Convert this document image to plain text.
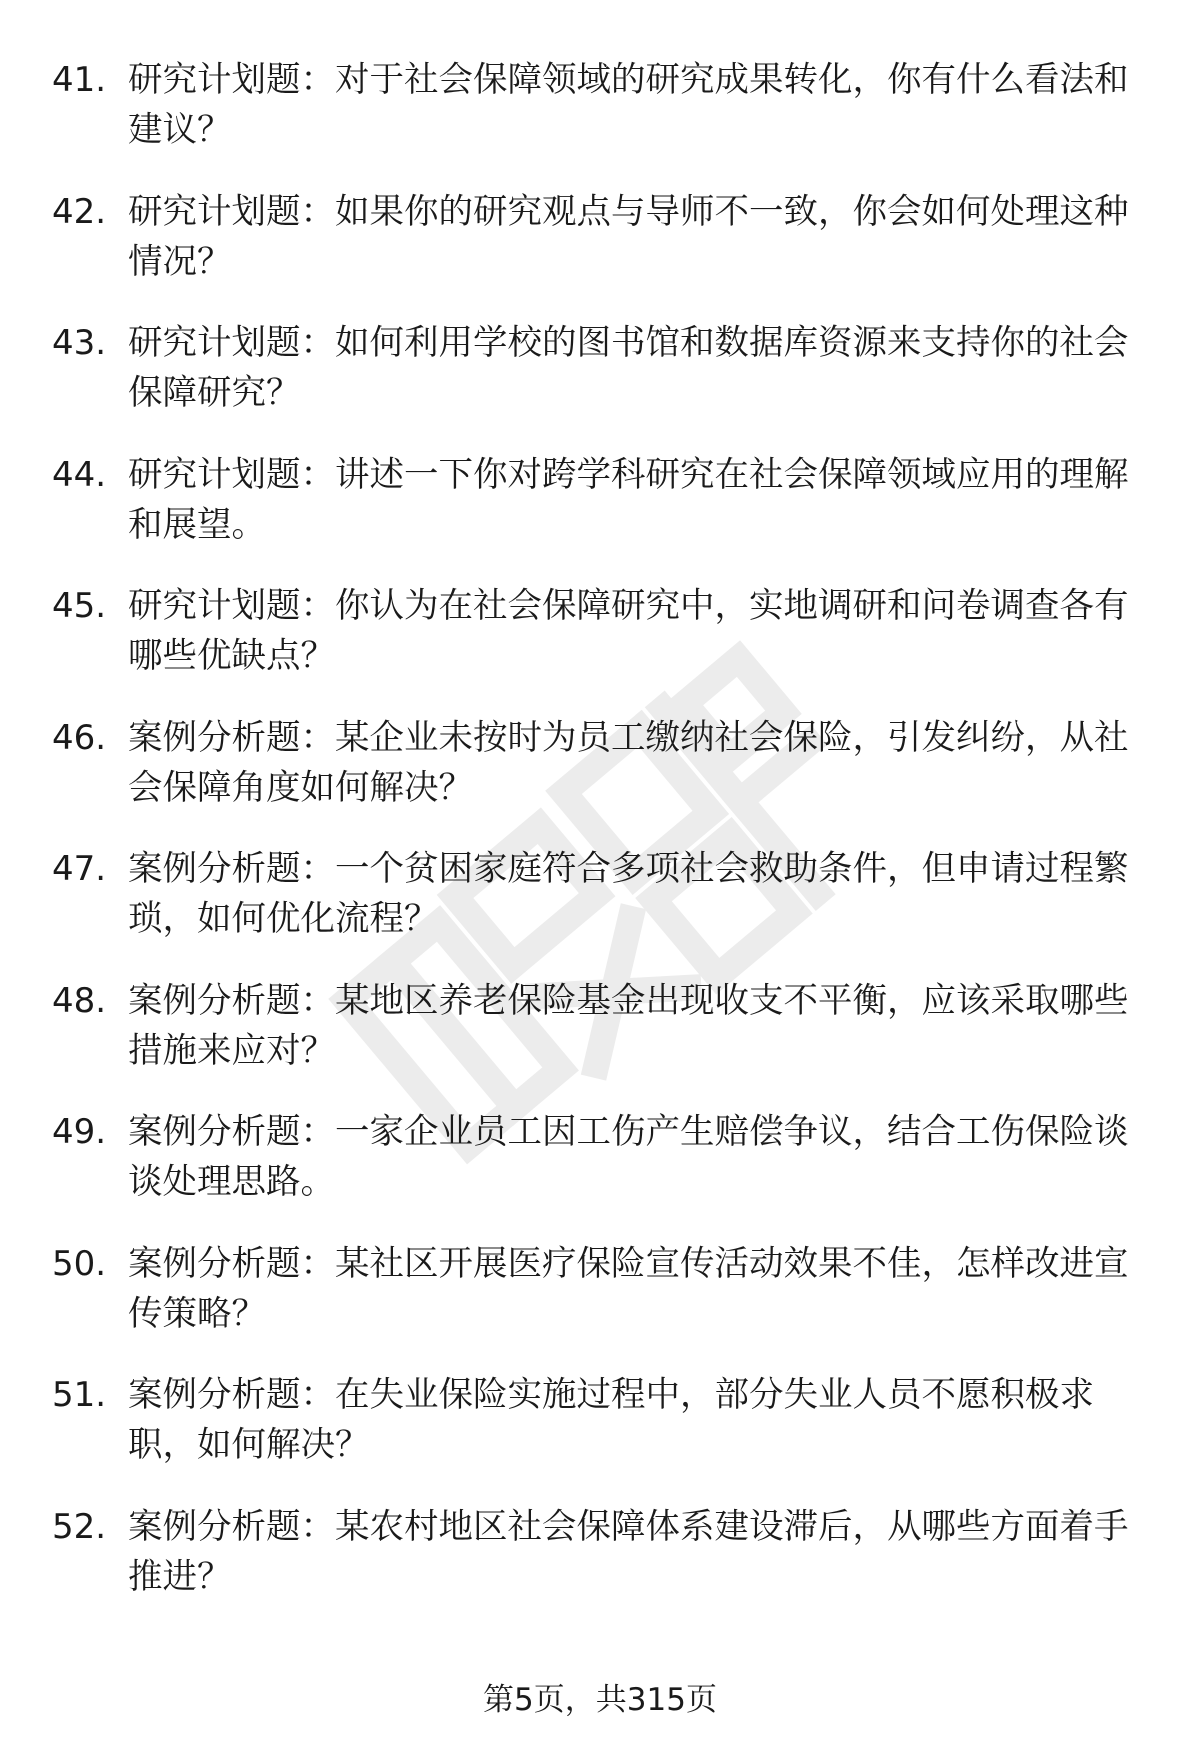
41. 研究计划题：对于社会保障领域的研究成果转化，你有什么看法和建议？

42. 研究计划题：如果你的研究观点与导师不一致，你会如何处理这种情况？

43. 研究计划题：如何利用学校的图书馆和数据库资源来支持你的社会保障研究？

44. 研究计划题：讲述一下你对跨学科研究在社会保障领域应用的理解和展望。

45. 研究计划题：你认为在社会保障研究中，实地调研和问卷调查各有哪些优缺点？

46. 案例分析题：某企业未按时为员工缴纳社会保险，引发纠纷，从社会保障角度如何解决？

47. 案例分析题：一个贫困家庭符合多项社会救助条件，但申请过程繁琐，如何优化流程？

48. 案例分析题：某地区养老保险基金出现收支不平衡，应该采取哪些措施来应对？

49. 案例分析题：一家企业员工因工伤产生赔偿争议，结合工伤保险谈谈处理思路。

50. 案例分析题：某社区开展医疗保险宣传活动效果不佳，怎样改进宣传策略？

51. 案例分析题：在失业保险实施过程中，部分失业人员不愿积极求职，如何解决？

52. 案例分析题：某农村地区社会保障体系建设滞后，从哪些方面着手推进？

第5页，共315页
